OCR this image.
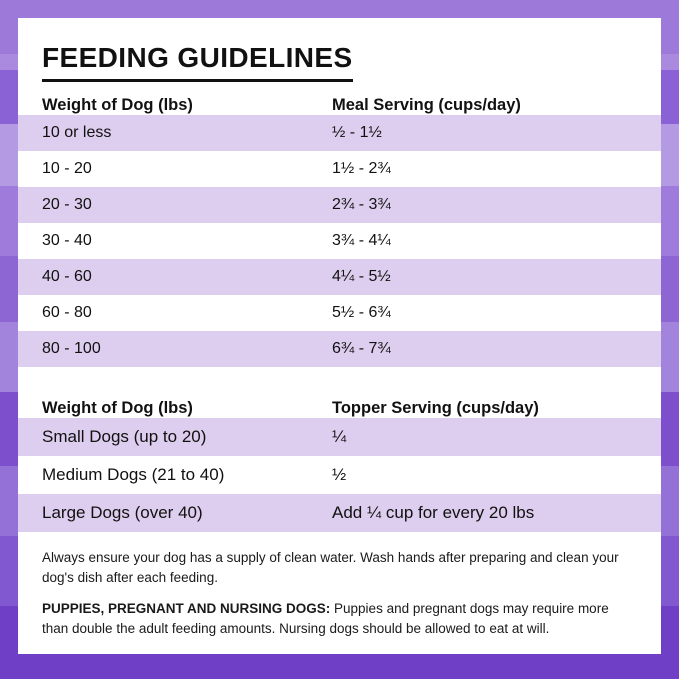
FEEDING GUIDELINES
Weight of Dog (lbs)	Meal Serving (cups/day)
10 or less	½ - 1½
10 - 20	1½ - 2¾
20 - 30	2¾ - 3¾
30 - 40	3¾ - 4¼
40 - 60	4¼ - 5½
60 - 80	5½ - 6¾
80 - 100	6¾ - 7¾
Weight of Dog (lbs)	Topper Serving (cups/day)
Small Dogs (up to 20)	¼
Medium Dogs (21 to 40)	½
Large Dogs (over 40)	Add ¼ cup for every 20 lbs
Always ensure your dog has a supply of clean water. Wash hands after preparing and clean your dog's dish after each feeding.
PUPPIES, PREGNANT AND NURSING DOGS: Puppies and pregnant dogs may require more than double the adult feeding amounts. Nursing dogs should be allowed to eat at will.
